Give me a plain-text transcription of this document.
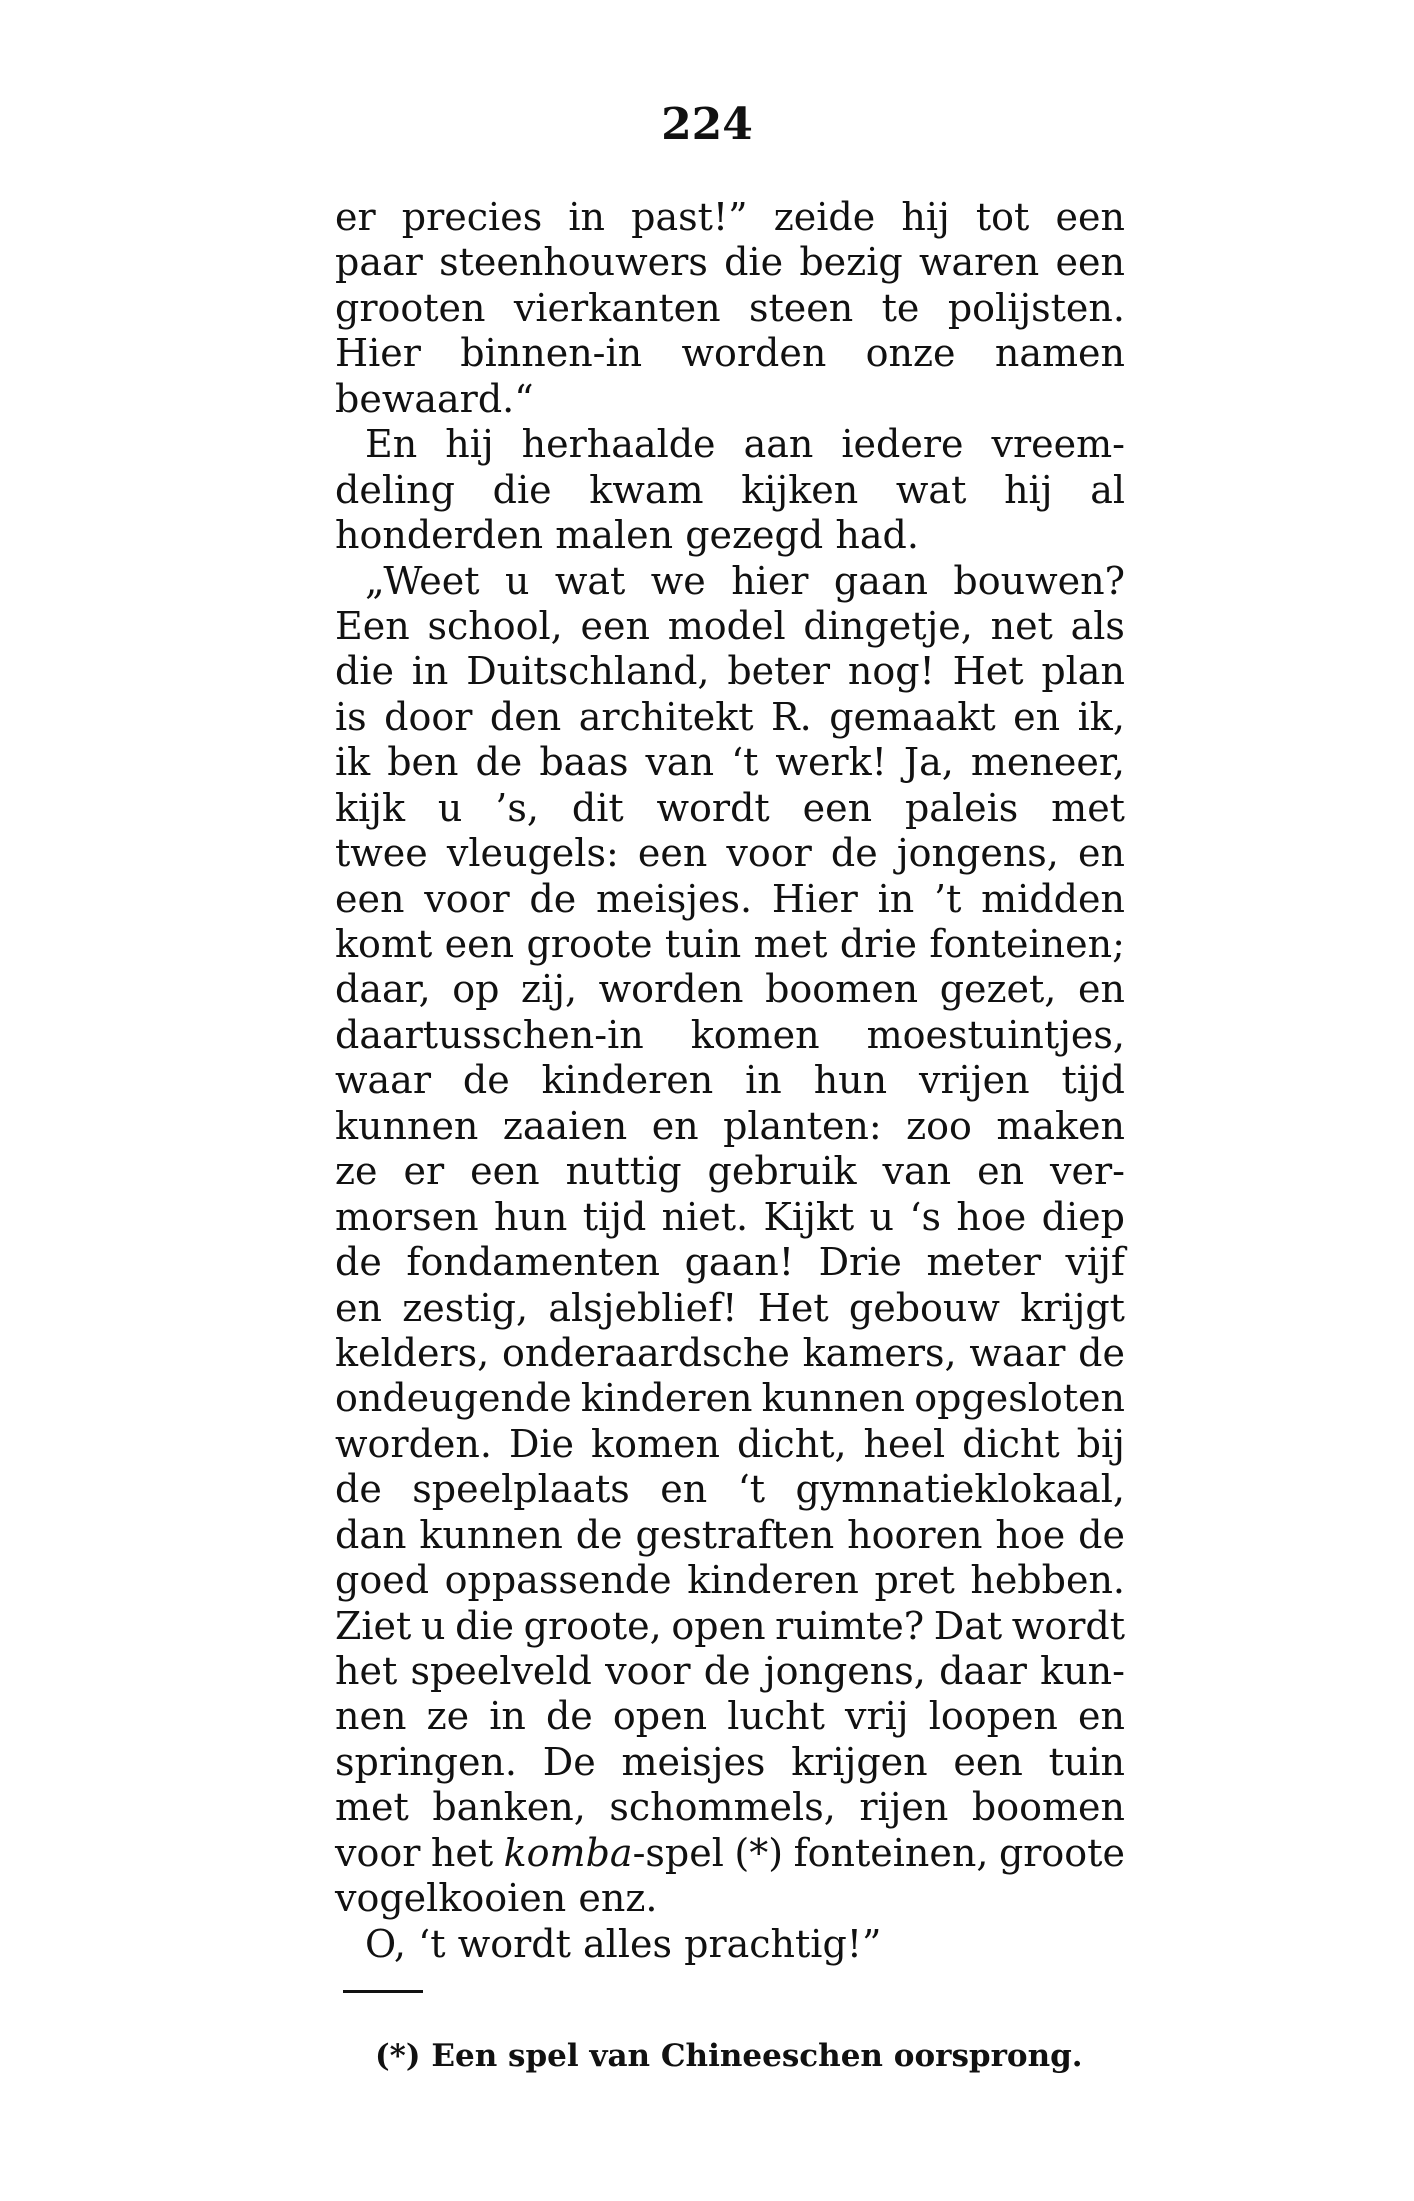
224
er precies in past!” zeide hij tot een
paar steenhouwers die bezig waren een
grooten vierkanten steen te polijsten.
Hier binnen-in worden onze namen
bewaard.“
En hij herhaalde aan iedere vreem-
deling die kwam kijken wat hij al
honderden malen gezegd had.
„Weet u wat we hier gaan bouwen?
Een school, een model dingetje, net als
die in Duitschland, beter nog! Het plan
is door den architekt R. gemaakt en ik,
ik ben de baas van ‘t werk! Ja, meneer,
kijk u ’s, dit wordt een paleis met
twee vleugels: een voor de jongens, en
een voor de meisjes. Hier in ’t midden
komt een groote tuin met drie fonteinen;
daar, op zij, worden boomen gezet, en
daartusschen-in komen moestuintjes,
waar de kinderen in hun vrijen tijd
kunnen zaaien en planten: zoo maken
ze er een nuttig gebruik van en ver-
morsen hun tijd niet. Kijkt u ‘s hoe diep
de fondamenten gaan! Drie meter vijf
en zestig, alsjeblief! Het gebouw krijgt
kelders, onderaardsche kamers, waar de
ondeugende kinderen kunnen opgesloten
worden. Die komen dicht, heel dicht bij
de speelplaats en ‘t gymnatieklokaal,
dan kunnen de gestraften hooren hoe de
goed oppassende kinderen pret hebben.
Ziet u die groote, open ruimte? Dat wordt
het speelveld voor de jongens, daar kun-
nen ze in de open lucht vrij loopen en
springen. De meisjes krijgen een tuin
met banken, schommels, rijen boomen
voor het komba-spel (*) fonteinen, groote
vogelkooien enz.
O, ‘t wordt alles prachtig!”
(*) Een spel van Chineeschen oorsprong.
